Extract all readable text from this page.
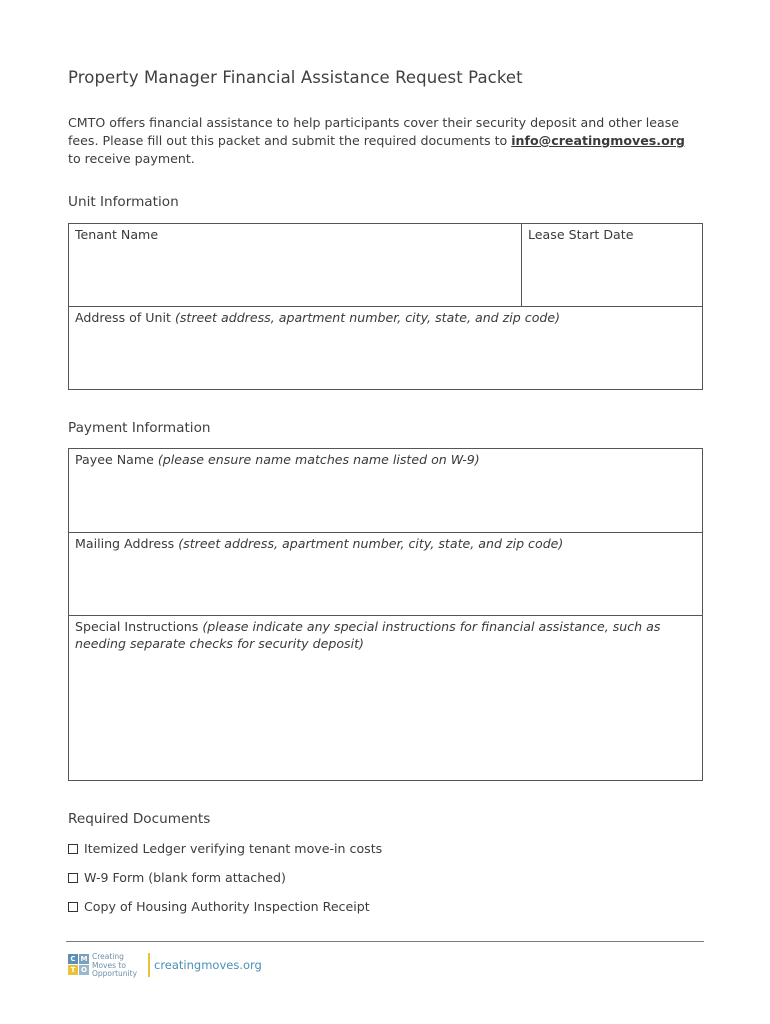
Property Manager Financial Assistance Request Packet

CMTO offers financial assistance to help participants cover their security deposit and other lease fees. Please fill out this packet and submit the required documents to info@creatingmoves.org to receive payment.

Unit Information
Tenant Name	Lease Start Date
Address of Unit (street address, apartment number, city, state, and zip code)
Payment Information
Payee Name (please ensure name matches name listed on W-9)
Mailing Address (street address, apartment number, city, state, and zip code)
Special Instructions (please indicate any special instructions for financial assistance, such as needing separate checks for security deposit)
Required Documents
Itemized Ledger verifying tenant move-in costs
W-9 Form (blank form attached)
Copy of Housing Authority Inspection Receipt
C M
T O
Creating
Moves to
Opportunity
creatingmoves.org
